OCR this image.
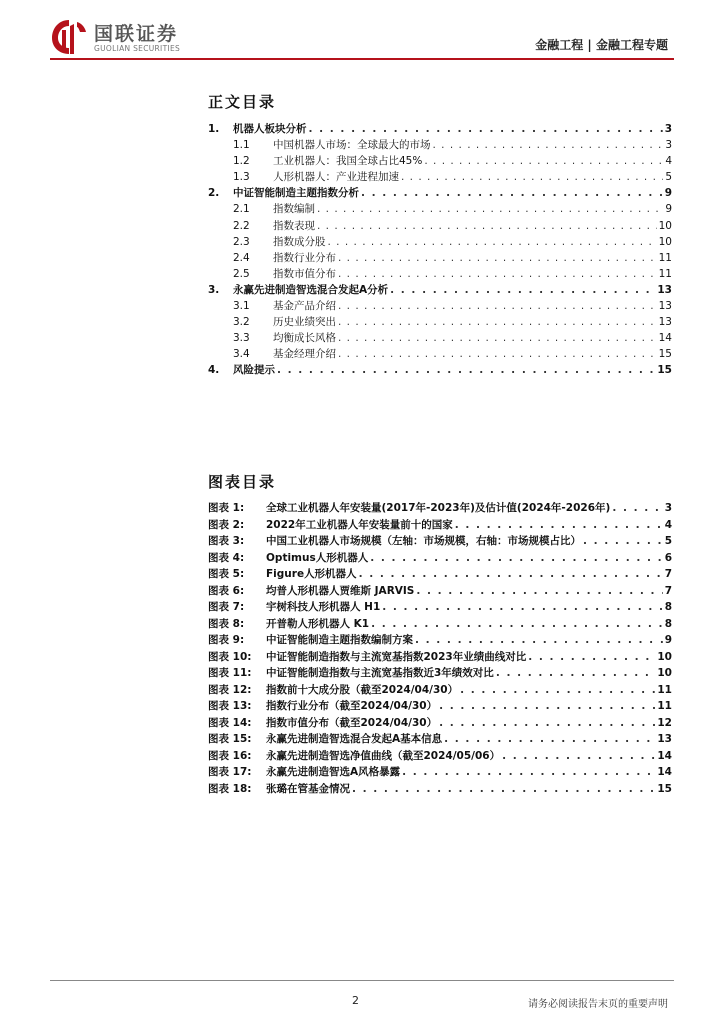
国联证券
GUOLIAN SECURITIES	金融工程 | 金融工程专题
正文目录
1.	机器人板块分析 . . .	3
1.1	中国机器人市场：全球最大的市场 . . .	3
1.2	工业机器人：我国全球占比45% . . .	4
1.3	人形机器人：产业进程加速 . . .	5
2.	中证智能制造主题指数分析 . . .	9
2.1	指数编制 . . .	9
2.2	指数表现 . . .	10
2.3	指数成分股 . . .	10
2.4	指数行业分布 . . .	11
2.5	指数市值分布 . . .	11
3.	永赢先进制造智选混合发起A分析 . . .	13
3.1	基金产品介绍 . . .	13
3.2	历史业绩突出 . . .	13
3.3	均衡成长风格 . . .	14
3.4	基金经理介绍 . . .	15
4.	风险提示 . . .	15
图表目录
图表 1:	全球工业机器人年安装量(2017年-2023年)及估计值(2024年-2026年) . . .	3
图表 2:	2022年工业机器人年安装量前十的国家 . . .	4
图表 3:	中国工业机器人市场规模（左轴：市场规模，右轴：市场规模占比） . . .	5
图表 4:	Optimus人形机器人 . . .	6
图表 5:	Figure人形机器人 . . .	7
图表 6:	均普人形机器人贾维斯 JARVIS . . .	7
图表 7:	宇树科技人形机器人 H1 . . .	8
图表 8:	开普勒人形机器人 K1 . . .	8
图表 9:	中证智能制造主题指数编制方案 . . .	9
图表 10:	中证智能制造指数与主流宽基指数2023年业绩曲线对比 . . .	10
图表 11:	中证智能制造指数与主流宽基指数近3年绩效对比 . . .	10
图表 12:	指数前十大成分股（截至2024/04/30） . . .	11
图表 13:	指数行业分布（截至2024/04/30） . . .	11
图表 14:	指数市值分布（截至2024/04/30） . . .	12
图表 15:	永赢先进制造智选混合发起A基本信息 . . .	13
图表 16:	永赢先进制造智选净值曲线（截至2024/05/06） . . .	14
图表 17:	永赢先进制造智选A风格暴露 . . .	14
图表 18:	张璐在管基金情况 . . .	15
2	请务必阅读报告末页的重要声明
